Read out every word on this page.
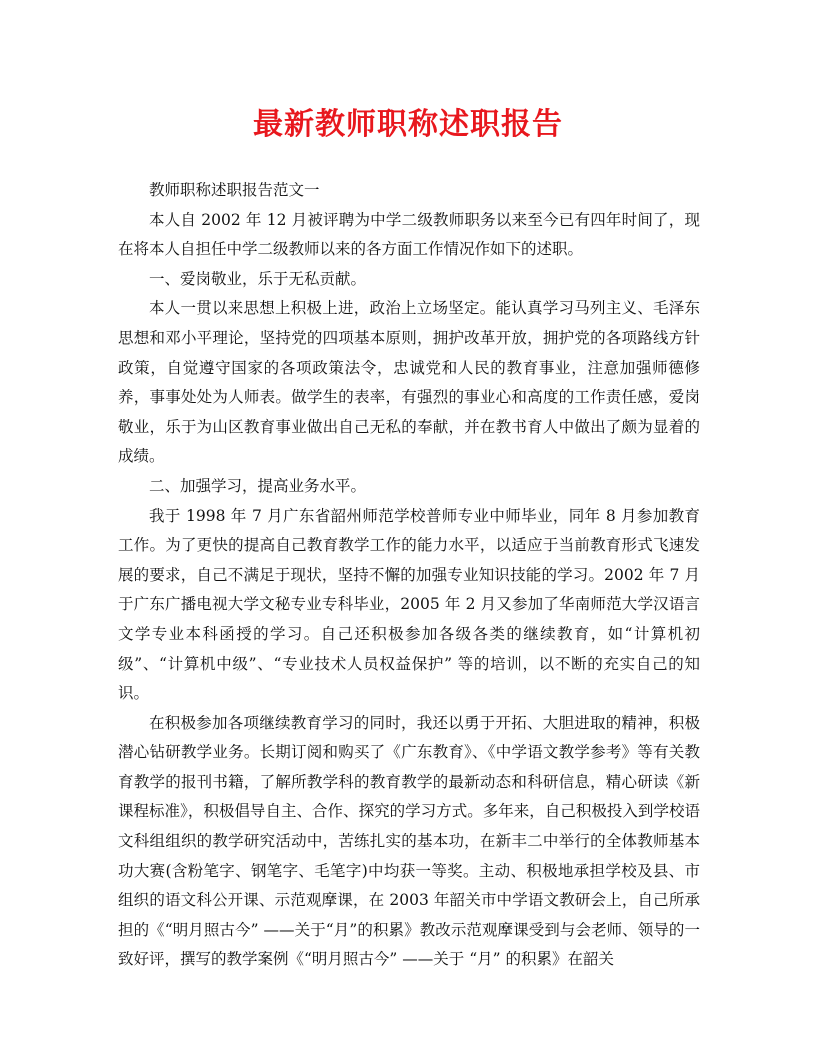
最新教师职称述职报告

教师职称述职报告范文一

本人自 2002 年 12 月被评聘为中学二级教师职务以来至今已有四年时间了，现在将本人自担任中学二级教师以来的各方面工作情况作如下的述职。

一、爱岗敬业，乐于无私贡献。

本人一贯以来思想上积极上进，政治上立场坚定。能认真学习马列主义、毛泽东思想和邓小平理论，坚持党的四项基本原则，拥护改革开放，拥护党的各项路线方针政策，自觉遵守国家的各项政策法令，忠诚党和人民的教育事业，注意加强师德修养，事事处处为人师表。做学生的表率，有强烈的事业心和高度的工作责任感，爱岗敬业，乐于为山区教育事业做出自己无私的奉献，并在教书育人中做出了颇为显着的成绩。

二、加强学习，提高业务水平。

我于 1998 年 7 月广东省韶州师范学校普师专业中师毕业，同年 8 月参加教育工作。为了更快的提高自己教育教学工作的能力水平，以适应于当前教育形式飞速发展的要求，自己不满足于现状，坚持不懈的加强专业知识技能的学习。2002 年 7 月于广东广播电视大学文秘专业专科毕业，2005 年 2 月又参加了华南师范大学汉语言文学专业本科函授的学习。自己还积极参加各级各类的继续教育，如“计算机初级”、“计算机中级”、“专业技术人员权益保护” 等的培训，以不断的充实自己的知识。

在积极参加各项继续教育学习的同时，我还以勇于开拓、大胆进取的精神，积极潜心钻研教学业务。长期订阅和购买了《广东教育》、《中学语文教学参考》等有关教育教学的报刊书籍，了解所教学科的教育教学的最新动态和科研信息，精心研读《新课程标准》，积极倡导自主、合作、探究的学习方式。多年来，自己积极投入到学校语文科组组织的教学研究活动中，苦练扎实的基本功，在新丰二中举行的全体教师基本功大赛(含粉笔字、钢笔字、毛笔字)中均获一等奖。主动、积极地承担学校及县、市组织的语文科公开课、示范观摩课，在 2003 年韶关市中学语文教研会上，自己所承担的《“明月照古今” ——关于“月”的积累》教改示范观摩课受到与会老师、领导的一致好评，撰写的教学案例《“明月照古今” ——关于 “月” 的积累》在韶关
